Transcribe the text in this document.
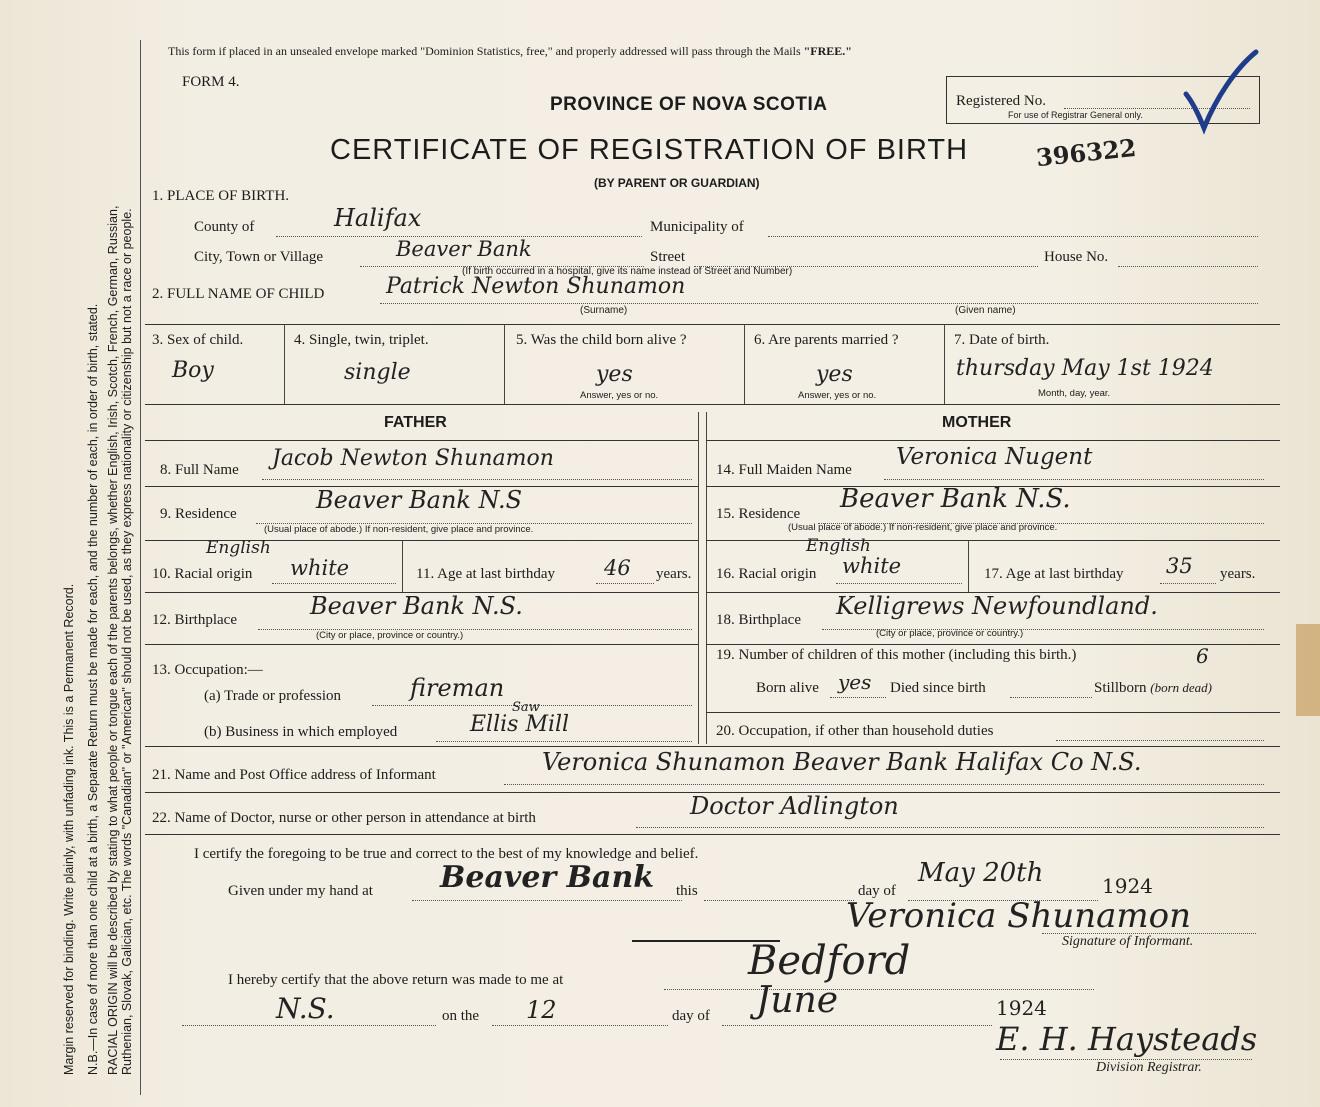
Margin reserved for binding. Write plainly, with unfading ink. This is a Permanent Record. N.B.—In case of more than one child at a birth, a Separate Return must be made for each, and the number of each, in order of birth, stated. RACIAL ORIGIN will be described by stating to what people or tongue each of the parents belongs, whether English, Irish, Scotch, French, German, Russian, Ruthenian, Slovak, Galician, etc. The words "Canadian" or "American" should not be used, as they express nationality or citizenship but not a race or people.
This form if placed in an unsealed envelope marked "Dominion Statistics, free," and properly addressed will pass through the Mails "FREE."
FORM 4.
PROVINCE OF NOVA SCOTIA
CERTIFICATE OF REGISTRATION OF BIRTH
(BY PARENT OR GUARDIAN)
Registered No.
For use of Registrar General only.
396322
1. PLACE OF BIRTH.
County of	Halifax	Municipality of
City, Town or Village	Beaver Bank	Street	House No.
(If birth occurred in a hospital, give its name instead of Street and Number)
2. FULL NAME OF CHILD	Patrick Newton Shunamon
(Surname)	(Given name)
3. Sex of child.
Boy
4. Single, twin, triplet.
single
5. Was the child born alive ?
yes
Answer, yes or no.
6. Are parents married ?
yes
Answer, yes or no.
7. Date of birth.
thursday May 1st 1924
Month, day, year.
FATHER	MOTHER
8. Full Name Jacob Newton Shunamon
9. Residence	Beaver Bank N.S
(Usual place of abode.) If non-resident, give place and province.
10. Racial origin
English
white	11. Age at last birthday 46 years.
12. Birthplace	Beaver Bank N.S.
(City or place, province or country.)
13. Occupation:—
(a) Trade or profession	fireman
(b) Business in which employed
Saw
Ellis Mill
14. Full Maiden Name Veronica Nugent
15. Residence Beaver Bank N.S.
(Usual place of abode.) If non-resident, give place and province.
16. Racial origin
English
white	17. Age at last birthday 35 years.
18. Birthplace Kelligrews Newfoundland.
(City or place, province or country.)
19. Number of children of this mother (including this birth.)	6
Born alive yes Died since birth	Stillborn (born dead)
20. Occupation, if other than household duties
21. Name and Post Office address of Informant	Veronica Shunamon Beaver Bank Halifax Co N.S.
22. Name of Doctor, nurse or other person in attendance at birth	Doctor Adlington
I certify the foregoing to be true and correct to the best of my knowledge and belief.
Given under my hand at Beaver Bank this	day of
May 20th	1924
Veronica Shunamon
Signature of Informant.
I hereby certify that the above return was made to me at	Bedford
N.S.	on the 12	day of June	1924
E. H. Haysteads
Division Registrar.
